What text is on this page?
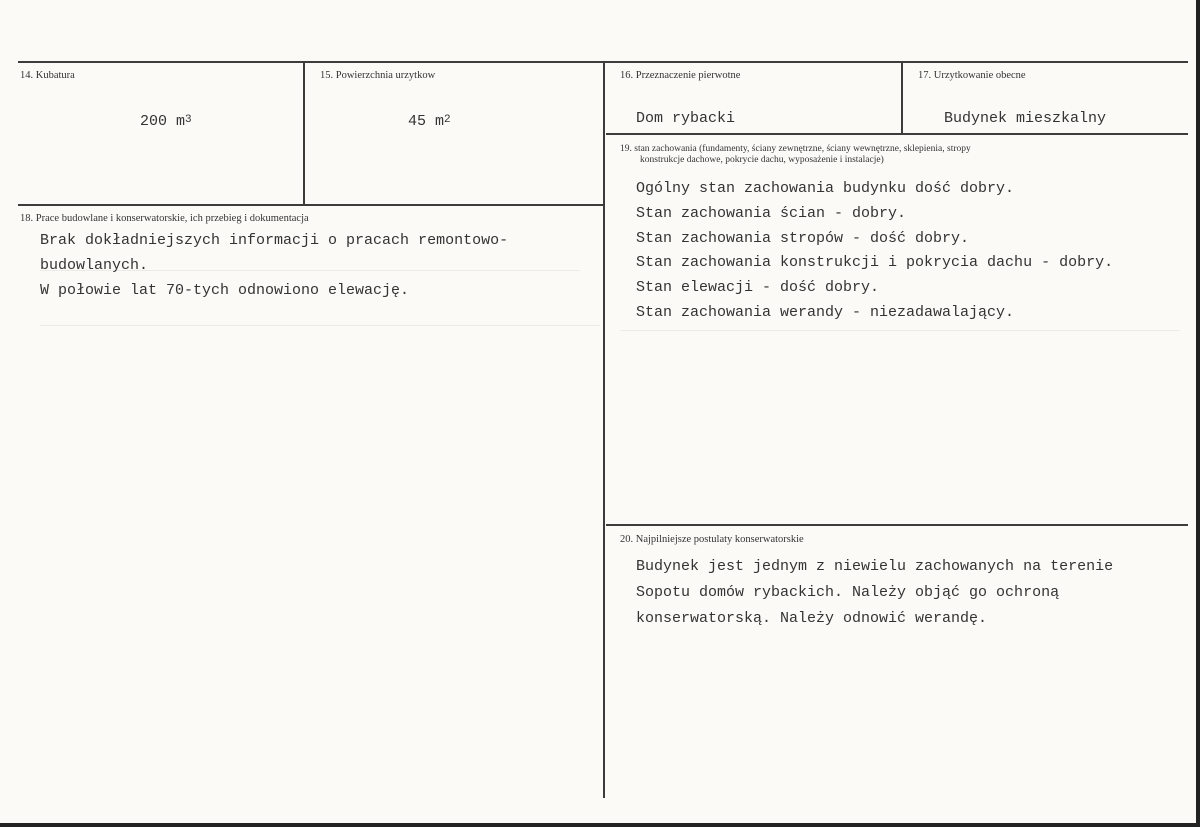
14. Kubatura
200 $m^3$
15. Powierzchnia urzytkow
45 $m^2$
16. Przeznaczenie pierwotne
Dom rybacki
17. Urzytkowanie obecne
Budynek mieszkalny
19. stan zachowania (fundamenty, ściany zewnętrzne, ściany wewnętrzne, sklepienia, stropy
konstrukcje dachowe, pokrycie dachu, wyposażenie i instalacje)
Ogólny stan zachowania budynku dość dobry.
Stan zachowania ścian - dobry.
Stan zachowania stropów - dość dobry.
Stan zachowania konstrukcji i pokrycia dachu - dobry.
Stan elewacji - dość dobry.
Stan zachowania werandy - niezadawalający.
18. Prace budowlane i konserwatorskie, ich przebieg i dokumentacja
Brak dokładniejszych informacji o pracach remontowo-
budowlanych.
W połowie lat 70-tych odnowiono elewację.
20. Najpilniejsze postulaty konserwatorskie
Budynek jest jednym z niewielu zachowanych na terenie
Sopotu domów rybackich. Należy objąć go ochroną
konserwatorską. Należy odnowić werandę.
